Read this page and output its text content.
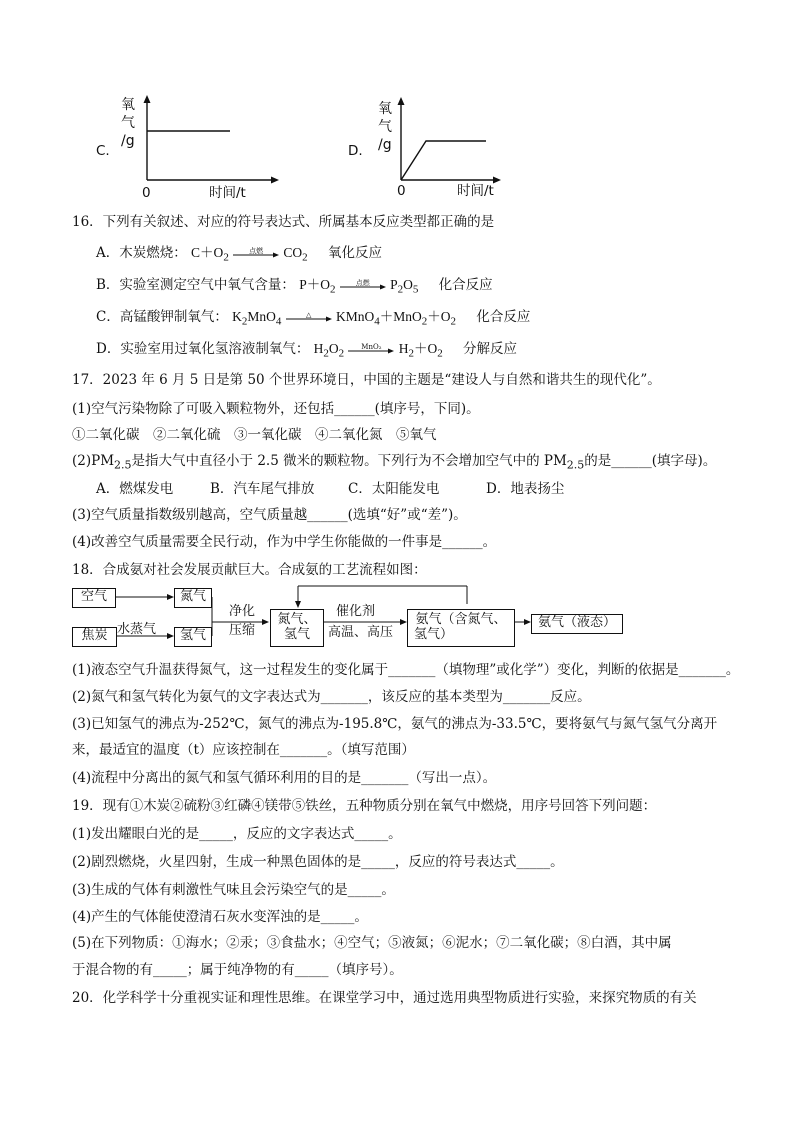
C.
氧
气
/g
0	时间/t
D.
氧
气
/g
0	时间/t
16．下列有关叙述、对应的符号表达式、所属基本反应类型都正确的是
A．木炭燃烧： $C+O_2$
点燃	$CO_2$ 氧化反应
B．实验室测定空气中氧气含量： $P+O_2$
点燃	$P_2O_5$ 化合反应
C．高锰酸钾制氧气： $K_2MnO_4$
△	$KMnO_4+MnO_2+O_2$ 化合反应
D．实验室用过氧化氢溶液制氧气： $H_2O_2$
MnO₂	$H_2+O_2$ 分解反应
17．2023 年 6 月 5 日是第 50 个世界环境日，中国的主题是“建设人与自然和谐共生的现代化”。
(1)空气污染物除了可吸入颗粒物外，还包括______(填序号，下同)。
①二氧化碳　②二氧化硫　③一氧化碳　④二氧化氮　⑤氧气
$(2)PM_{2.5}$是指大气中直径小于 2.5 微米的颗粒物。下列行为不会增加空气中的 $PM_{2.5}$的是______(填字母)。
A．燃煤发电	B．汽车尾气排放 C．太阳能发电	D．地表扬尘
(3)空气质量指数级别越高，空气质量越______(选填“好”或“差”)。
(4)改善空气质量需要全民行动，作为中学生你能做的一件事是______。
18．合成氨对社会发展贡献巨大。合成氨的工艺流程如图：
空气	氮气
焦炭 水蒸气	氢气
净化
压缩
氮气、
氢气
催化剂
高温、高压
氨气（含氮气、
氢气）
氨气（液态）
(1)液态空气升温获得氮气，这一过程发生的变化属于_______（填物理”或化学”）变化，判断的依据是_______。
(2)氮气和氢气转化为氨气的文字表达式为_______，该反应的基本类型为_______反应。
(3)已知氢气的沸点为-252℃，氮气的沸点为-195.8℃，氨气的沸点为-33.5℃，要将氨气与氮气氢气分离开
来，最适宜的温度（t）应该控制在_______。（填写范围）
(4)流程中分离出的氮气和氢气循环利用的目的是_______（写出一点）。
19．现有①木炭②硫粉③红磷④镁带⑤铁丝，五种物质分别在氧气中燃烧，用序号回答下列问题：
(1)发出耀眼白光的是_____，反应的文字表达式_____。
(2)剧烈燃烧，火星四射，生成一种黑色固体的是_____，反应的符号表达式_____。
(3)生成的气体有刺激性气味且会污染空气的是_____。
(4)产生的气体能使澄清石灰水变浑浊的是_____。
(5)在下列物质：①海水；②汞；③食盐水；④空气；⑤液氮；⑥泥水；⑦二氧化碳；⑧白酒，其中属
于混合物的有_____；属于纯净物的有_____（填序号）。
20．化学科学十分重视实证和理性思维。在课堂学习中，通过选用典型物质进行实验，来探究物质的有关
